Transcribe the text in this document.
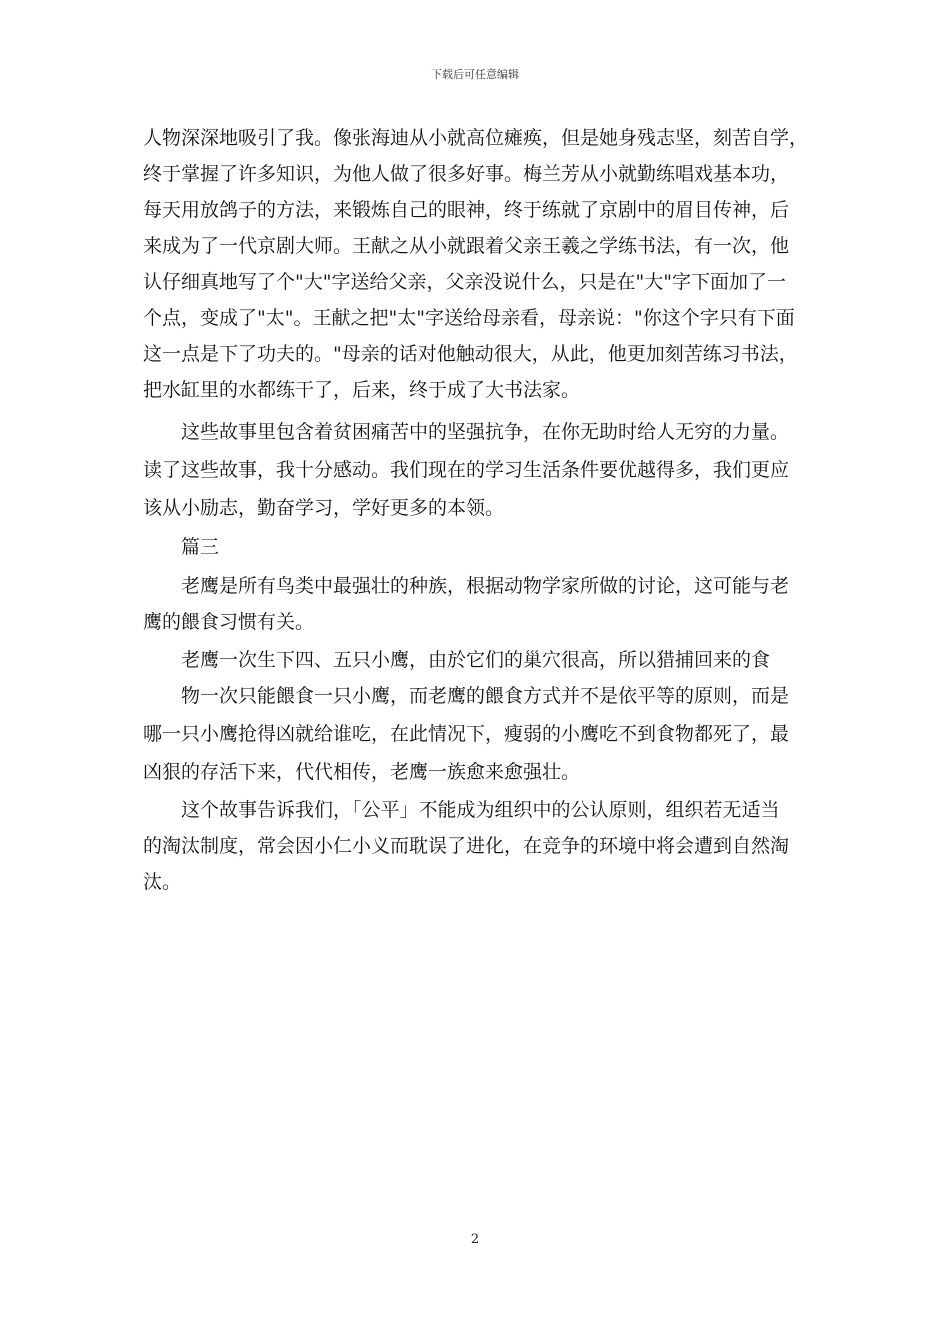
下载后可任意编辑
人物深深地吸引了我。像张海迪从小就高位瘫痪，但是她身残志坚，刻苦自学，
终于掌握了许多知识，为他人做了很多好事。梅兰芳从小就勤练唱戏基本功，
每天用放鸽子的方法，来锻炼自己的眼神，终于练就了京剧中的眉目传神，后
来成为了一代京剧大师。王献之从小就跟着父亲王羲之学练书法，有一次，他
认仔细真地写了个"大"字送给父亲，父亲没说什么，只是在"大"字下面加了一
个点，变成了"太"。王献之把"太"字送给母亲看，母亲说："你这个字只有下面
这一点是下了功夫的。"母亲的话对他触动很大，从此，他更加刻苦练习书法，
把水缸里的水都练干了，后来，终于成了大书法家。
这些故事里包含着贫困痛苦中的坚强抗争，在你无助时给人无穷的力量。
读了这些故事，我十分感动。我们现在的学习生活条件要优越得多，我们更应
该从小励志，勤奋学习，学好更多的本领。
篇三
老鹰是所有鸟类中最强壮的种族，根据动物学家所做的讨论，这可能与老
鹰的餵食习惯有关。
老鹰一次生下四、五只小鹰，由於它们的巢穴很高，所以猎捕回来的食
物一次只能餵食一只小鹰，而老鹰的餵食方式并不是依平等的原则，而是
哪一只小鹰抢得凶就给谁吃，在此情况下，瘦弱的小鹰吃不到食物都死了，最
凶狠的存活下来，代代相传，老鹰一族愈来愈强壮。
这个故事告诉我们，「公平」不能成为组织中的公认原则，组织若无适当
的淘汰制度，常会因小仁小义而耽误了进化，在竞争的环境中将会遭到自然淘
汰。
2
